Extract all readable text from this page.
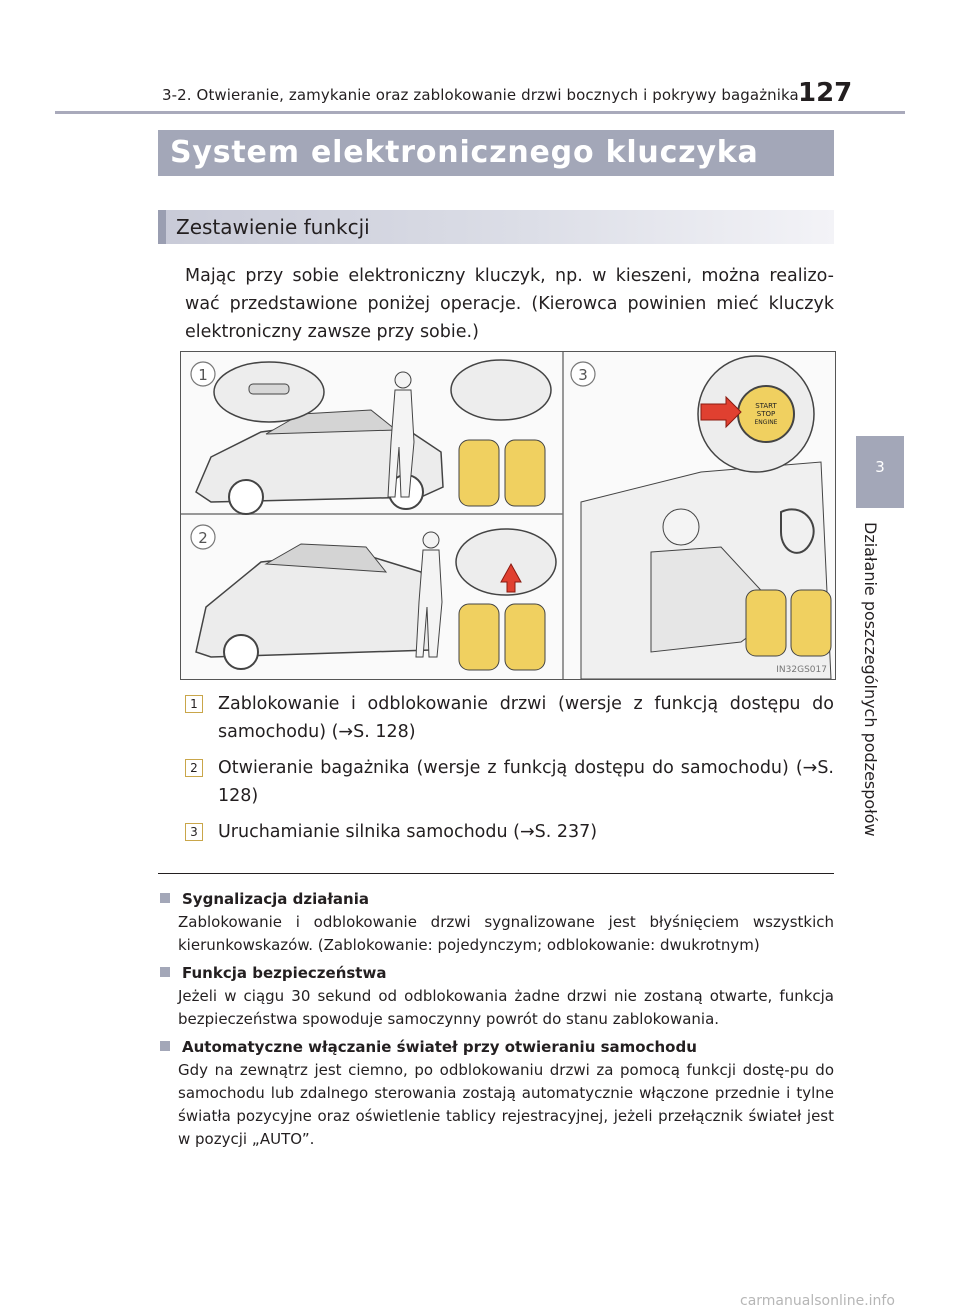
3-2. Otwieranie, zamykanie oraz zablokowanie drzwi bocznych i pokrywy bagażnika 127
System elektronicznego kluczyka
Zestawienie funkcji
Mając przy sobie elektroniczny kluczyk, np. w kieszeni, można realizo-wać przedstawione poniżej operacje. (Kierowca powinien mieć kluczyk elektroniczny zawsze przy sobie.)
3
Działanie poszczególnych podzespołów
START
STOP
ENGINE
1
2
3
IN32GS017
1 Zablokowanie i odblokowanie drzwi (wersje z funkcją dostępu do samochodu) (→S. 128)
2 Otwieranie bagażnika (wersje z funkcją dostępu do samochodu) (→S. 128)
3 Uruchamianie silnika samochodu (→S. 237)
Sygnalizacja działania
Zablokowanie i odblokowanie drzwi sygnalizowane jest błyśnięciem wszystkich kierunkowskazów. (Zablokowanie: pojedynczym; odblokowanie: dwukrotnym)
Funkcja bezpieczeństwa
Jeżeli w ciągu 30 sekund od odblokowania żadne drzwi nie zostaną otwarte, funkcja bezpieczeństwa spowoduje samoczynny powrót do stanu zablokowania.
Automatyczne włączanie świateł przy otwieraniu samochodu
Gdy na zewnątrz jest ciemno, po odblokowaniu drzwi za pomocą funkcji dostę-pu do samochodu lub zdalnego sterowania zostają automatycznie włączone przednie i tylne światła pozycyjne oraz oświetlenie tablicy rejestracyjnej, jeżeli przełącznik świateł jest w pozycji „AUTO”.
carmanualsonline.info
